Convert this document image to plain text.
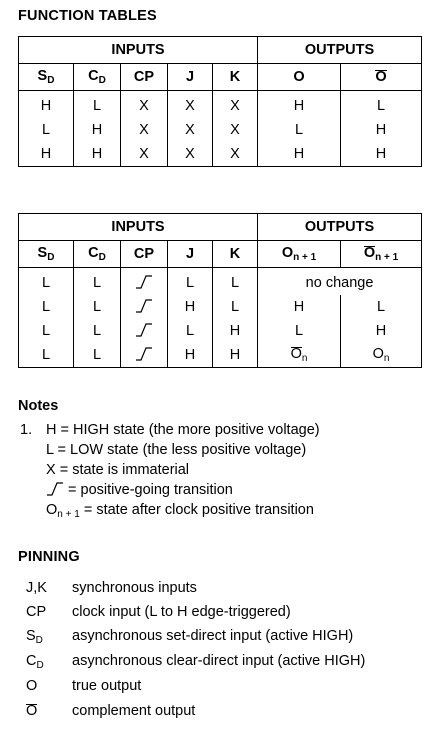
FUNCTION TABLES
INPUTS					OUTPUTS	
$S_D$	$C_D$	CP	J	K	O	O
H	L	X	X	X	H	L
L	H	X	X	X	L	H
H	H	X	X	X	H	H
INPUTS					OUTPUTS	
$S_D$	$C_D$	CP	J	K	$O_{n + 1}$	$O_{n + 1}$
L	L		L	L	no change	
L	L		H	L	H	L
L	L		L	H	L	H
L	L		H	H	$O_n$	$O_n$
Notes
1. H = HIGH state (the more positive voltage)
L = LOW state (the less positive voltage)
X = state is immaterial
= positive-going transition
$O_{n + 1}$ = state after clock positive transition
PINNING
J,K synchronous inputs
CP clock input (L to H edge-triggered)
$S_D$ asynchronous set-direct input (active HIGH)
$C_D$ asynchronous clear-direct input (active HIGH)
O true output
O complement output
